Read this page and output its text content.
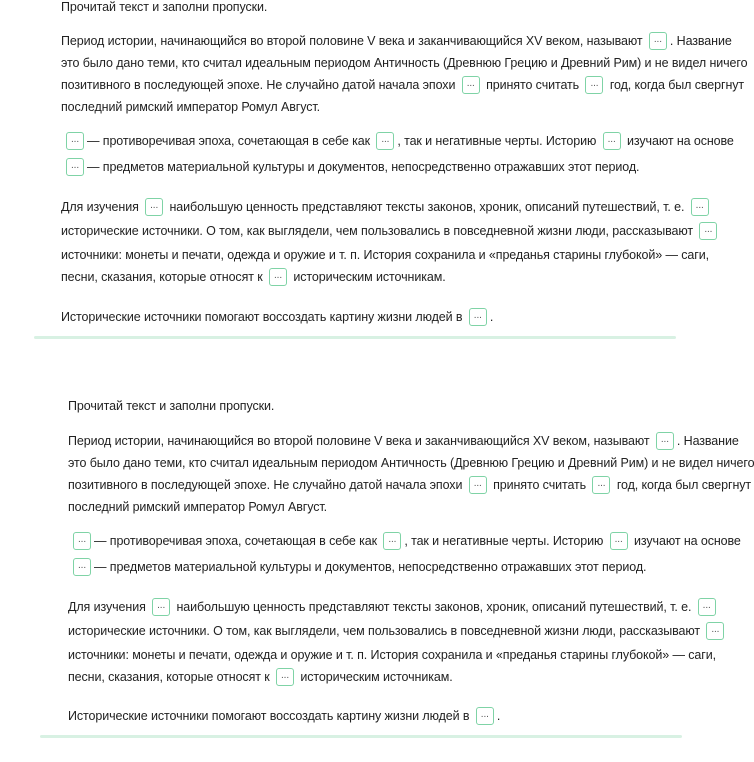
Прочитай текст и заполни пропуски.
Период истории, начинающийся во второй половине V века и заканчивающийся XV веком, называют ... . Название
это было дано теми, кто считал идеальным периодом Античность (Древнюю Грецию и Древний Рим) и не видел ничего
позитивного в последующей эпохе. Не случайно датой начала эпохи ... принято считать ... год, когда был свергнут
последний римский император Ромул Август.
... — противоречивая эпоха, сочетающая в себе как ... , так и негативные черты. Историю ... изучают на основе
... — предметов материальной культуры и документов, непосредственно отражавших этот период.
Для изучения ... наибольшую ценность представляют тексты законов, хроник, описаний путешествий, т. е. ...
исторические источники. О том, как выглядели, чем пользовались в повседневной жизни люди, рассказывают ...
источники: монеты и печати, одежда и оружие и т. п. История сохранила и «преданья старины глубокой» — саги,
песни, сказания, которые относят к ... историческим источникам.
Исторические источники помогают воссоздать картину жизни людей в ... .
Прочитай текст и заполни пропуски.
Период истории, начинающийся во второй половине V века и заканчивающийся XV веком, называют ... . Название
это было дано теми, кто считал идеальным периодом Античность (Древнюю Грецию и Древний Рим) и не видел ничего
позитивного в последующей эпохе. Не случайно датой начала эпохи ... принято считать ... год, когда был свергнут
последний римский император Ромул Август.
... — противоречивая эпоха, сочетающая в себе как ... , так и негативные черты. Историю ... изучают на основе
... — предметов материальной культуры и документов, непосредственно отражавших этот период.
Для изучения ... наибольшую ценность представляют тексты законов, хроник, описаний путешествий, т. е. ...
исторические источники. О том, как выглядели, чем пользовались в повседневной жизни люди, рассказывают ...
источники: монеты и печати, одежда и оружие и т. п. История сохранила и «преданья старины глубокой» — саги,
песни, сказания, которые относят к ... историческим источникам.
Исторические источники помогают воссоздать картину жизни людей в ... .
